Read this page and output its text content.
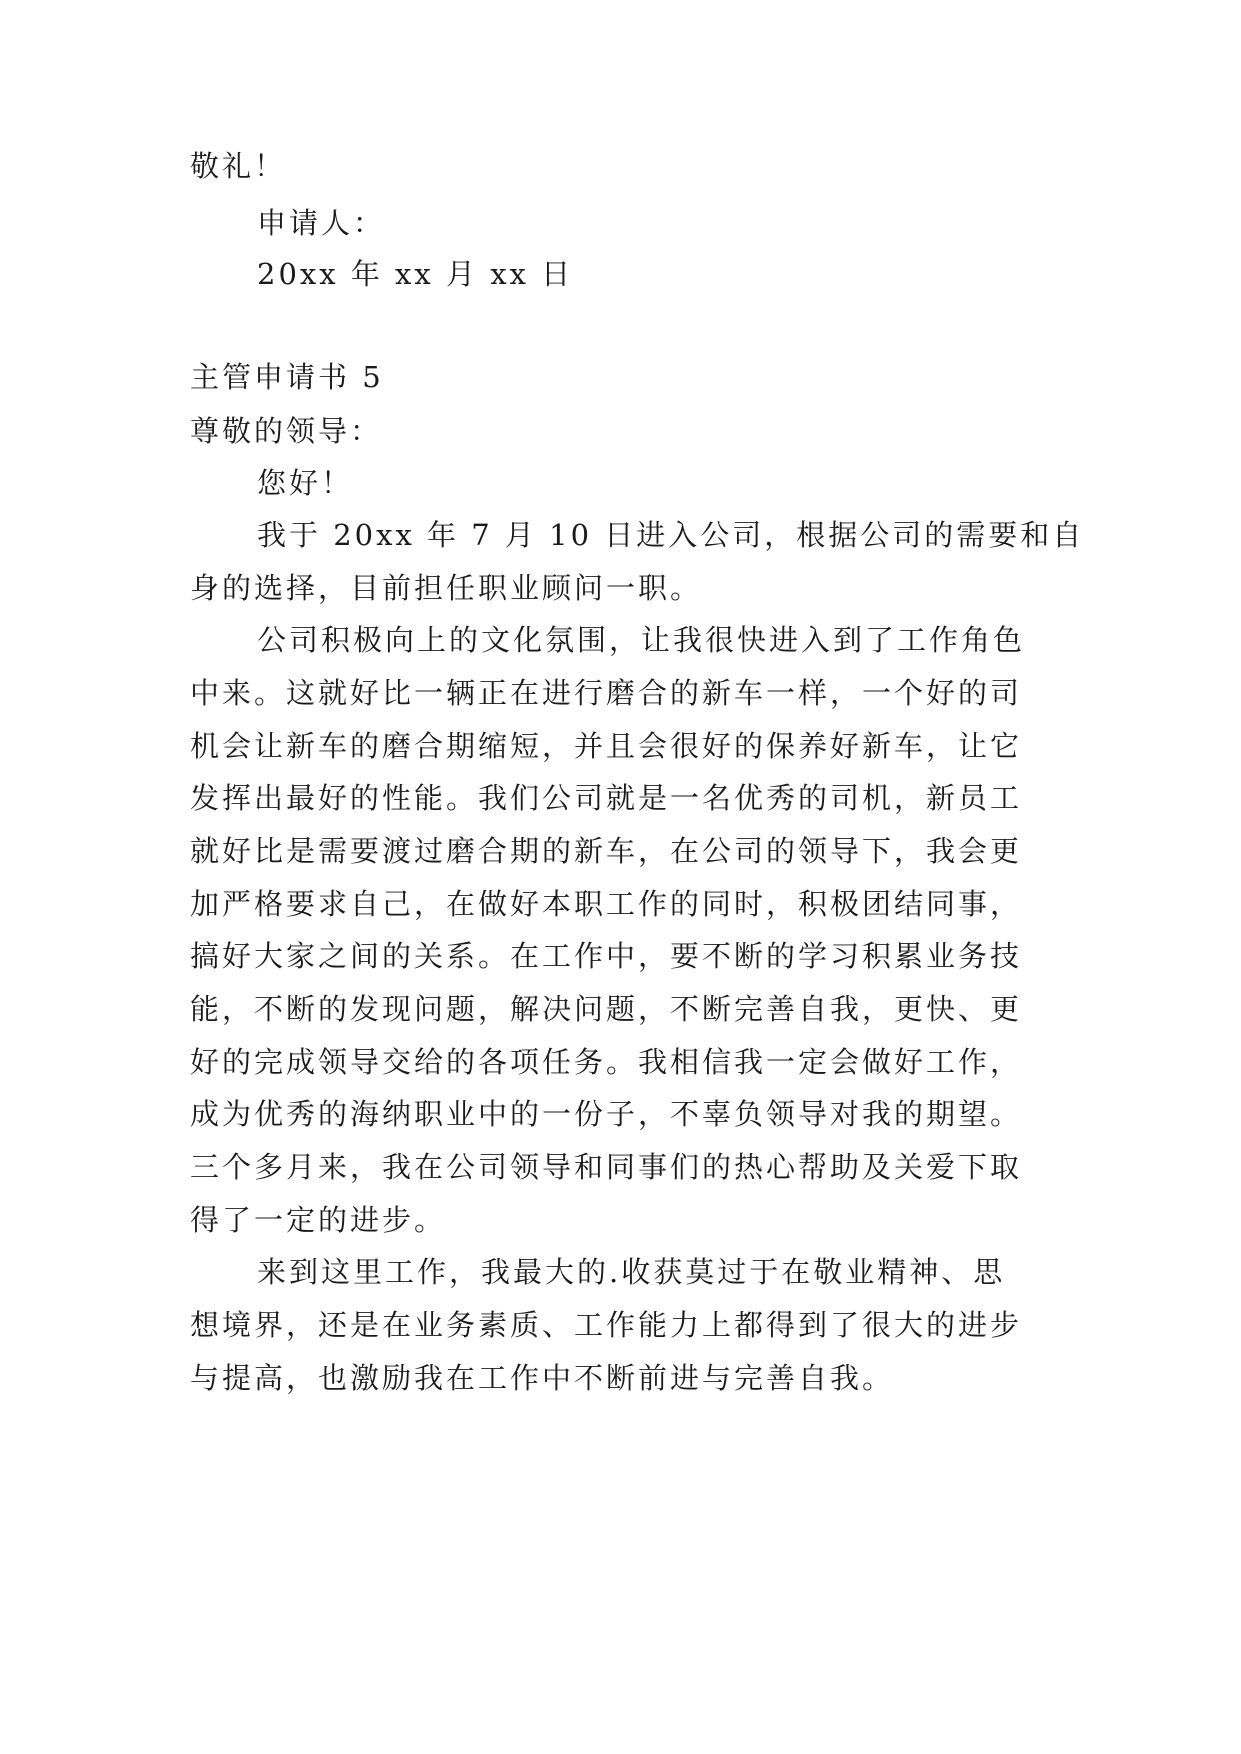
敬礼！
申请人：
20xx 年 xx 月 xx 日
主管申请书 5
尊敬的领导：
您好！
我于 20xx 年 7 月 10 日进入公司，根据公司的需要和自
身的选择，目前担任职业顾问一职。
公司积极向上的文化氛围，让我很快进入到了工作角色
中来。这就好比一辆正在进行磨合的新车一样，一个好的司
机会让新车的磨合期缩短，并且会很好的保养好新车，让它
发挥出最好的性能。我们公司就是一名优秀的司机，新员工
就好比是需要渡过磨合期的新车，在公司的领导下，我会更
加严格要求自己，在做好本职工作的同时，积极团结同事，
搞好大家之间的关系。在工作中，要不断的学习积累业务技
能，不断的发现问题，解决问题，不断完善自我，更快、更
好的完成领导交给的各项任务。我相信我一定会做好工作，
成为优秀的海纳职业中的一份子，不辜负领导对我的期望。
三个多月来，我在公司领导和同事们的热心帮助及关爱下取
得了一定的进步。
来到这里工作，我最大的.收获莫过于在敬业精神、思
想境界，还是在业务素质、工作能力上都得到了很大的进步
与提高，也激励我在工作中不断前进与完善自我。
